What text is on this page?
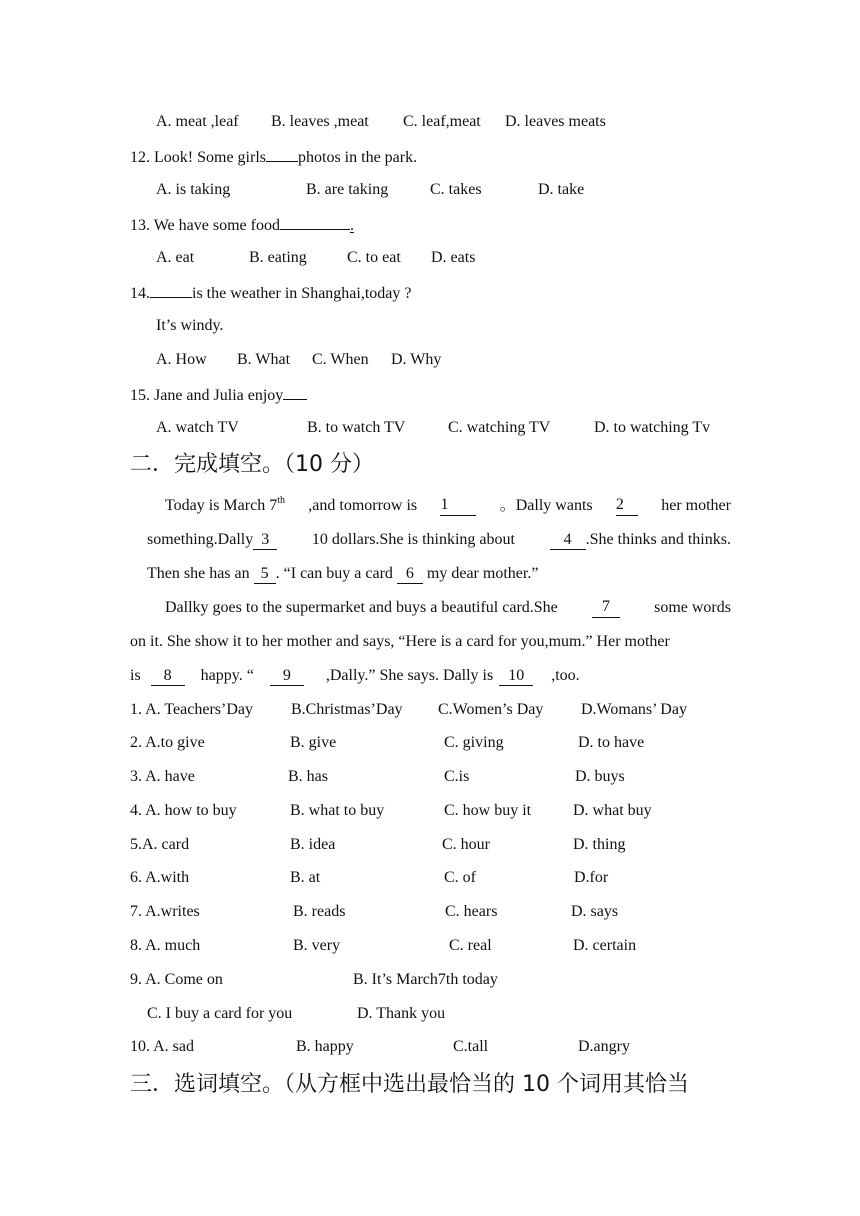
A. meat ,leaf B. leaves ,meat C. leaf,meat D. leaves meats
12. Look! Some girls photos in the park.
A. is taking	B. are taking	C. takes	D. take
13. We have some food	.
A. eat	B. eating	C. to eat D. eats
14.	is the weather in Shanghai,today ?
It’s windy.
A. How B. What C. When D. Why
15. Jane and Julia enjoy
A. watch TV	B. to watch TV	C. watching TV	D. to watching Tv
二．完成填空。（10 分）
Today is March 7th ,and tomorrow is 1	。Dally wants 2	her mother
something.Dally 3	10 dollars.She is thinking about	4 .She thinks and thinks.
Then she has an 5 . “I can buy a card 6 my dear mother.”
Dallky goes to the supermarket and buys a beautiful card.She	7	some words
on it. She show it to her mother and says, “Here is a card for you,mum.” Her mother
is 8 happy. “ 9 ,Dally.” She says. Dally is 10 ,too.
1. A. Teachers’Day B.Christmas’Day C.Women’s Day D.Womans’ Day
2. A.to give	B. give	C. giving	D. to have
3. A. have	B. has	C.is	D. buys
4. A. how to buy	B. what to buy	C. how buy it	D. what buy
5.A. card	B. idea	C. hour	D. thing
6. A.with	B. at	C. of	D.for
7. A.writes	B. reads	C. hears	D. says
8. A. much	B. very	C. real	D. certain
9. A. Come on	B. It’s March7th today
C. I buy a card for you	D. Thank you
10. A. sad	B. happy	C.tall	D.angry
三．选词填空。（从方框中选出最恰当的 10 个词用其恰当
